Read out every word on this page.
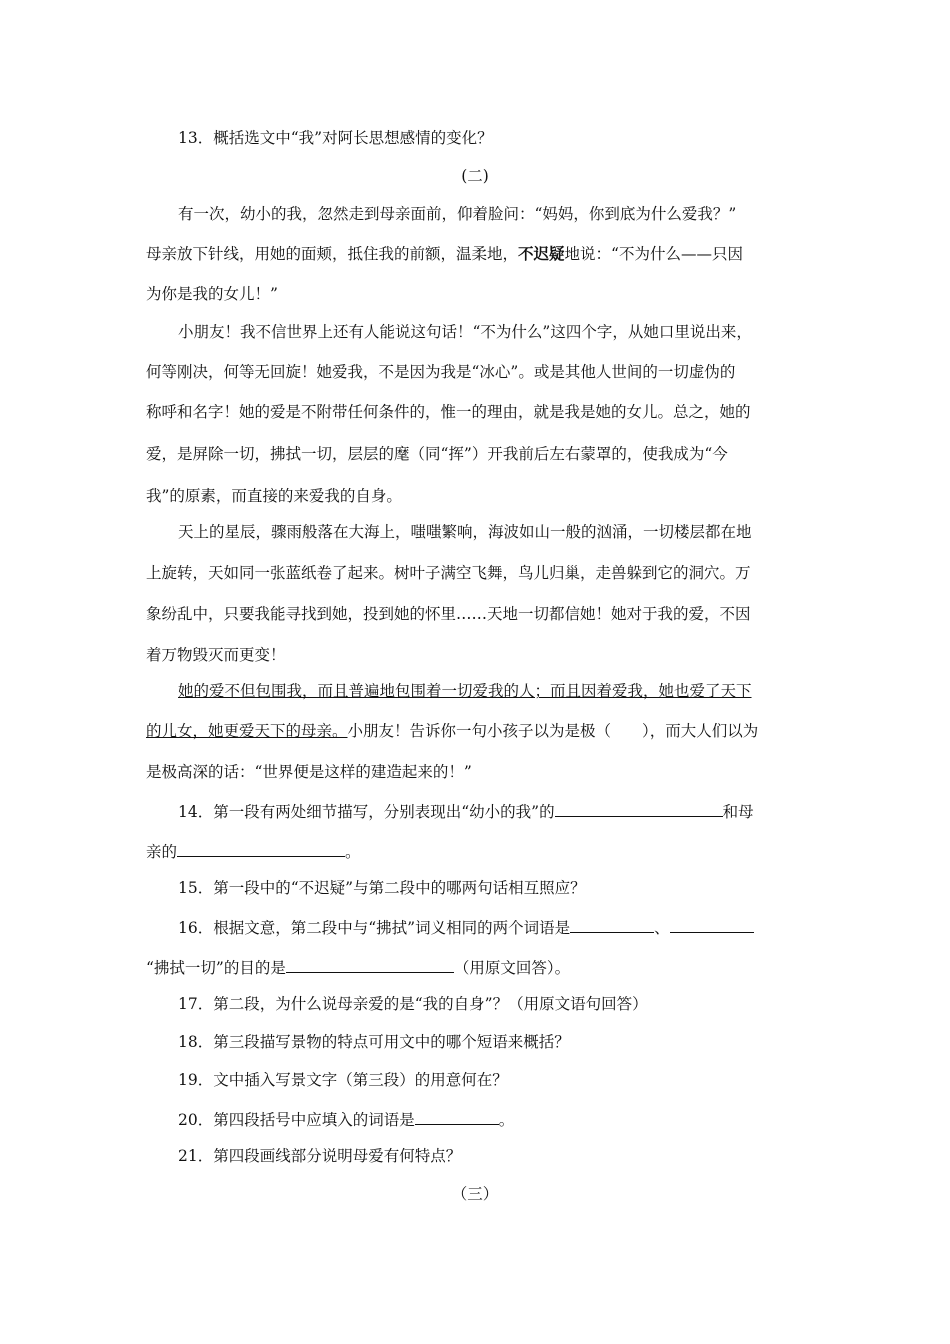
13．概括选文中“我”对阿长思想感情的变化？
(二)
有一次，幼小的我，忽然走到母亲面前，仰着脸问：“妈妈，你到底为什么爱我？”
母亲放下针线，用她的面颊，抵住我的前额，温柔地，不迟疑地说：“不为什么——只因
为你是我的女儿！”
小朋友！我不信世界上还有人能说这句话！“不为什么”这四个字，从她口里说出来，
何等刚决，何等无回旋！她爱我，不是因为我是“冰心”。或是其他人世间的一切虚伪的
称呼和名字！她的爱是不附带任何条件的，惟一的理由，就是我是她的女儿。总之，她的
爱，是屏除一切，拂拭一切，层层的麾（同“挥”）开我前后左右蒙罩的，使我成为“今
我”的原素，而直接的来爱我的自身。
天上的星辰，骤雨般落在大海上，嗤嗤繁响，海波如山一般的汹涌，一切楼层都在地
上旋转，天如同一张蓝纸卷了起来。树叶子满空飞舞，鸟儿归巢，走兽躲到它的洞穴。万
象纷乱中，只要我能寻找到她，投到她的怀里……天地一切都信她！她对于我的爱，不因
着万物毁灭而更变！
她的爱不但包围我，而且普遍地包围着一切爱我的人；而且因着爱我，她也爱了天下
的儿女，她更爱天下的母亲。小朋友！告诉你一句小孩子以为是极（　　），而大人们以为
是极高深的话：“世界便是这样的建造起来的！”
14．第一段有两处细节描写，分别表现出“幼小的我”的	和母
亲的	。
15．第一段中的“不迟疑”与第二段中的哪两句话相互照应？
16．根据文意，第二段中与“拂拭”词义相同的两个词语是	、
“拂拭一切”的目的是	（用原文回答）。
17．第二段，为什么说母亲爱的是“我的自身”？（用原文语句回答）
18．第三段描写景物的特点可用文中的哪个短语来概括？
19．文中插入写景文字（第三段）的用意何在？
20．第四段括号中应填入的词语是	。
21．第四段画线部分说明母爱有何特点？
（三）
